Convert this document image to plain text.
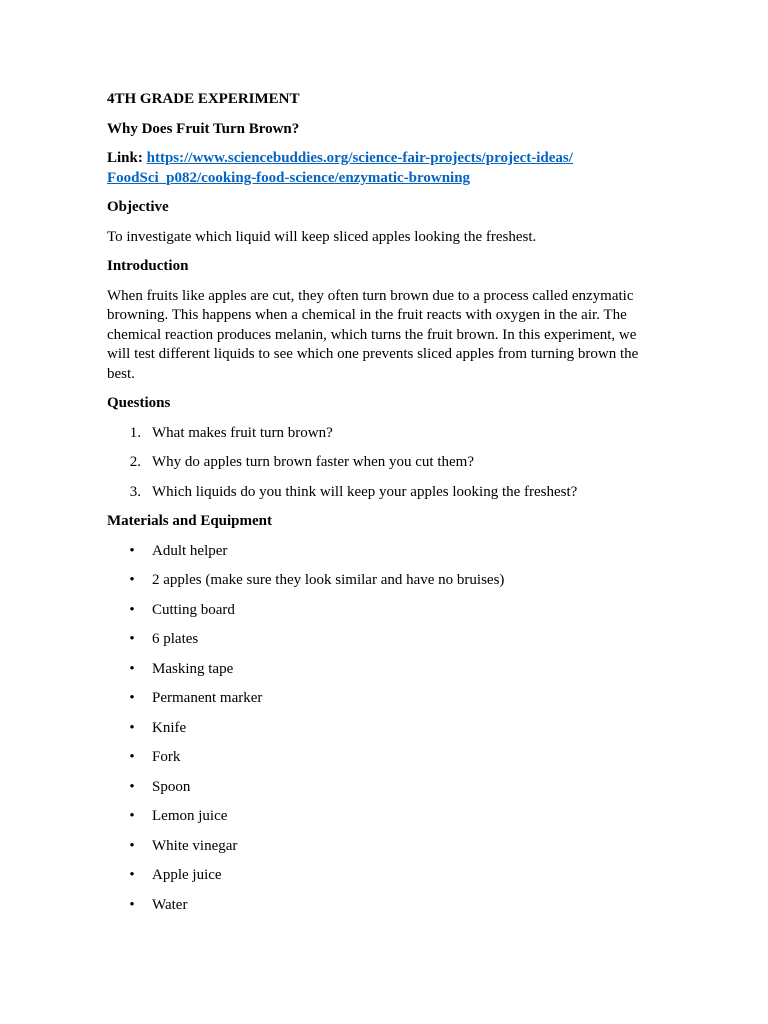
4TH GRADE EXPERIMENT

Why Does Fruit Turn Brown?

Link: https://www.sciencebuddies.org/science-fair-projects/project-ideas/
FoodSci_p082/cooking-food-science/enzymatic-browning

Objective

To investigate which liquid will keep sliced apples looking the freshest.

Introduction

When fruits like apples are cut, they often turn brown due to a process called enzymatic browning. This happens when a chemical in the fruit reacts with oxygen in the air. The chemical reaction produces melanin, which turns the fruit brown. In this experiment, we will test different liquids to see which one prevents sliced apples from turning brown the best.

Questions

1. What makes fruit turn brown?
2. Why do apples turn brown faster when you cut them?
3. Which liquids do you think will keep your apples looking the freshest?

Materials and Equipment

• Adult helper
• 2 apples (make sure they look similar and have no bruises)
• Cutting board
• 6 plates
• Masking tape
• Permanent marker
• Knife
• Fork
• Spoon
• Lemon juice
• White vinegar
• Apple juice
• Water
